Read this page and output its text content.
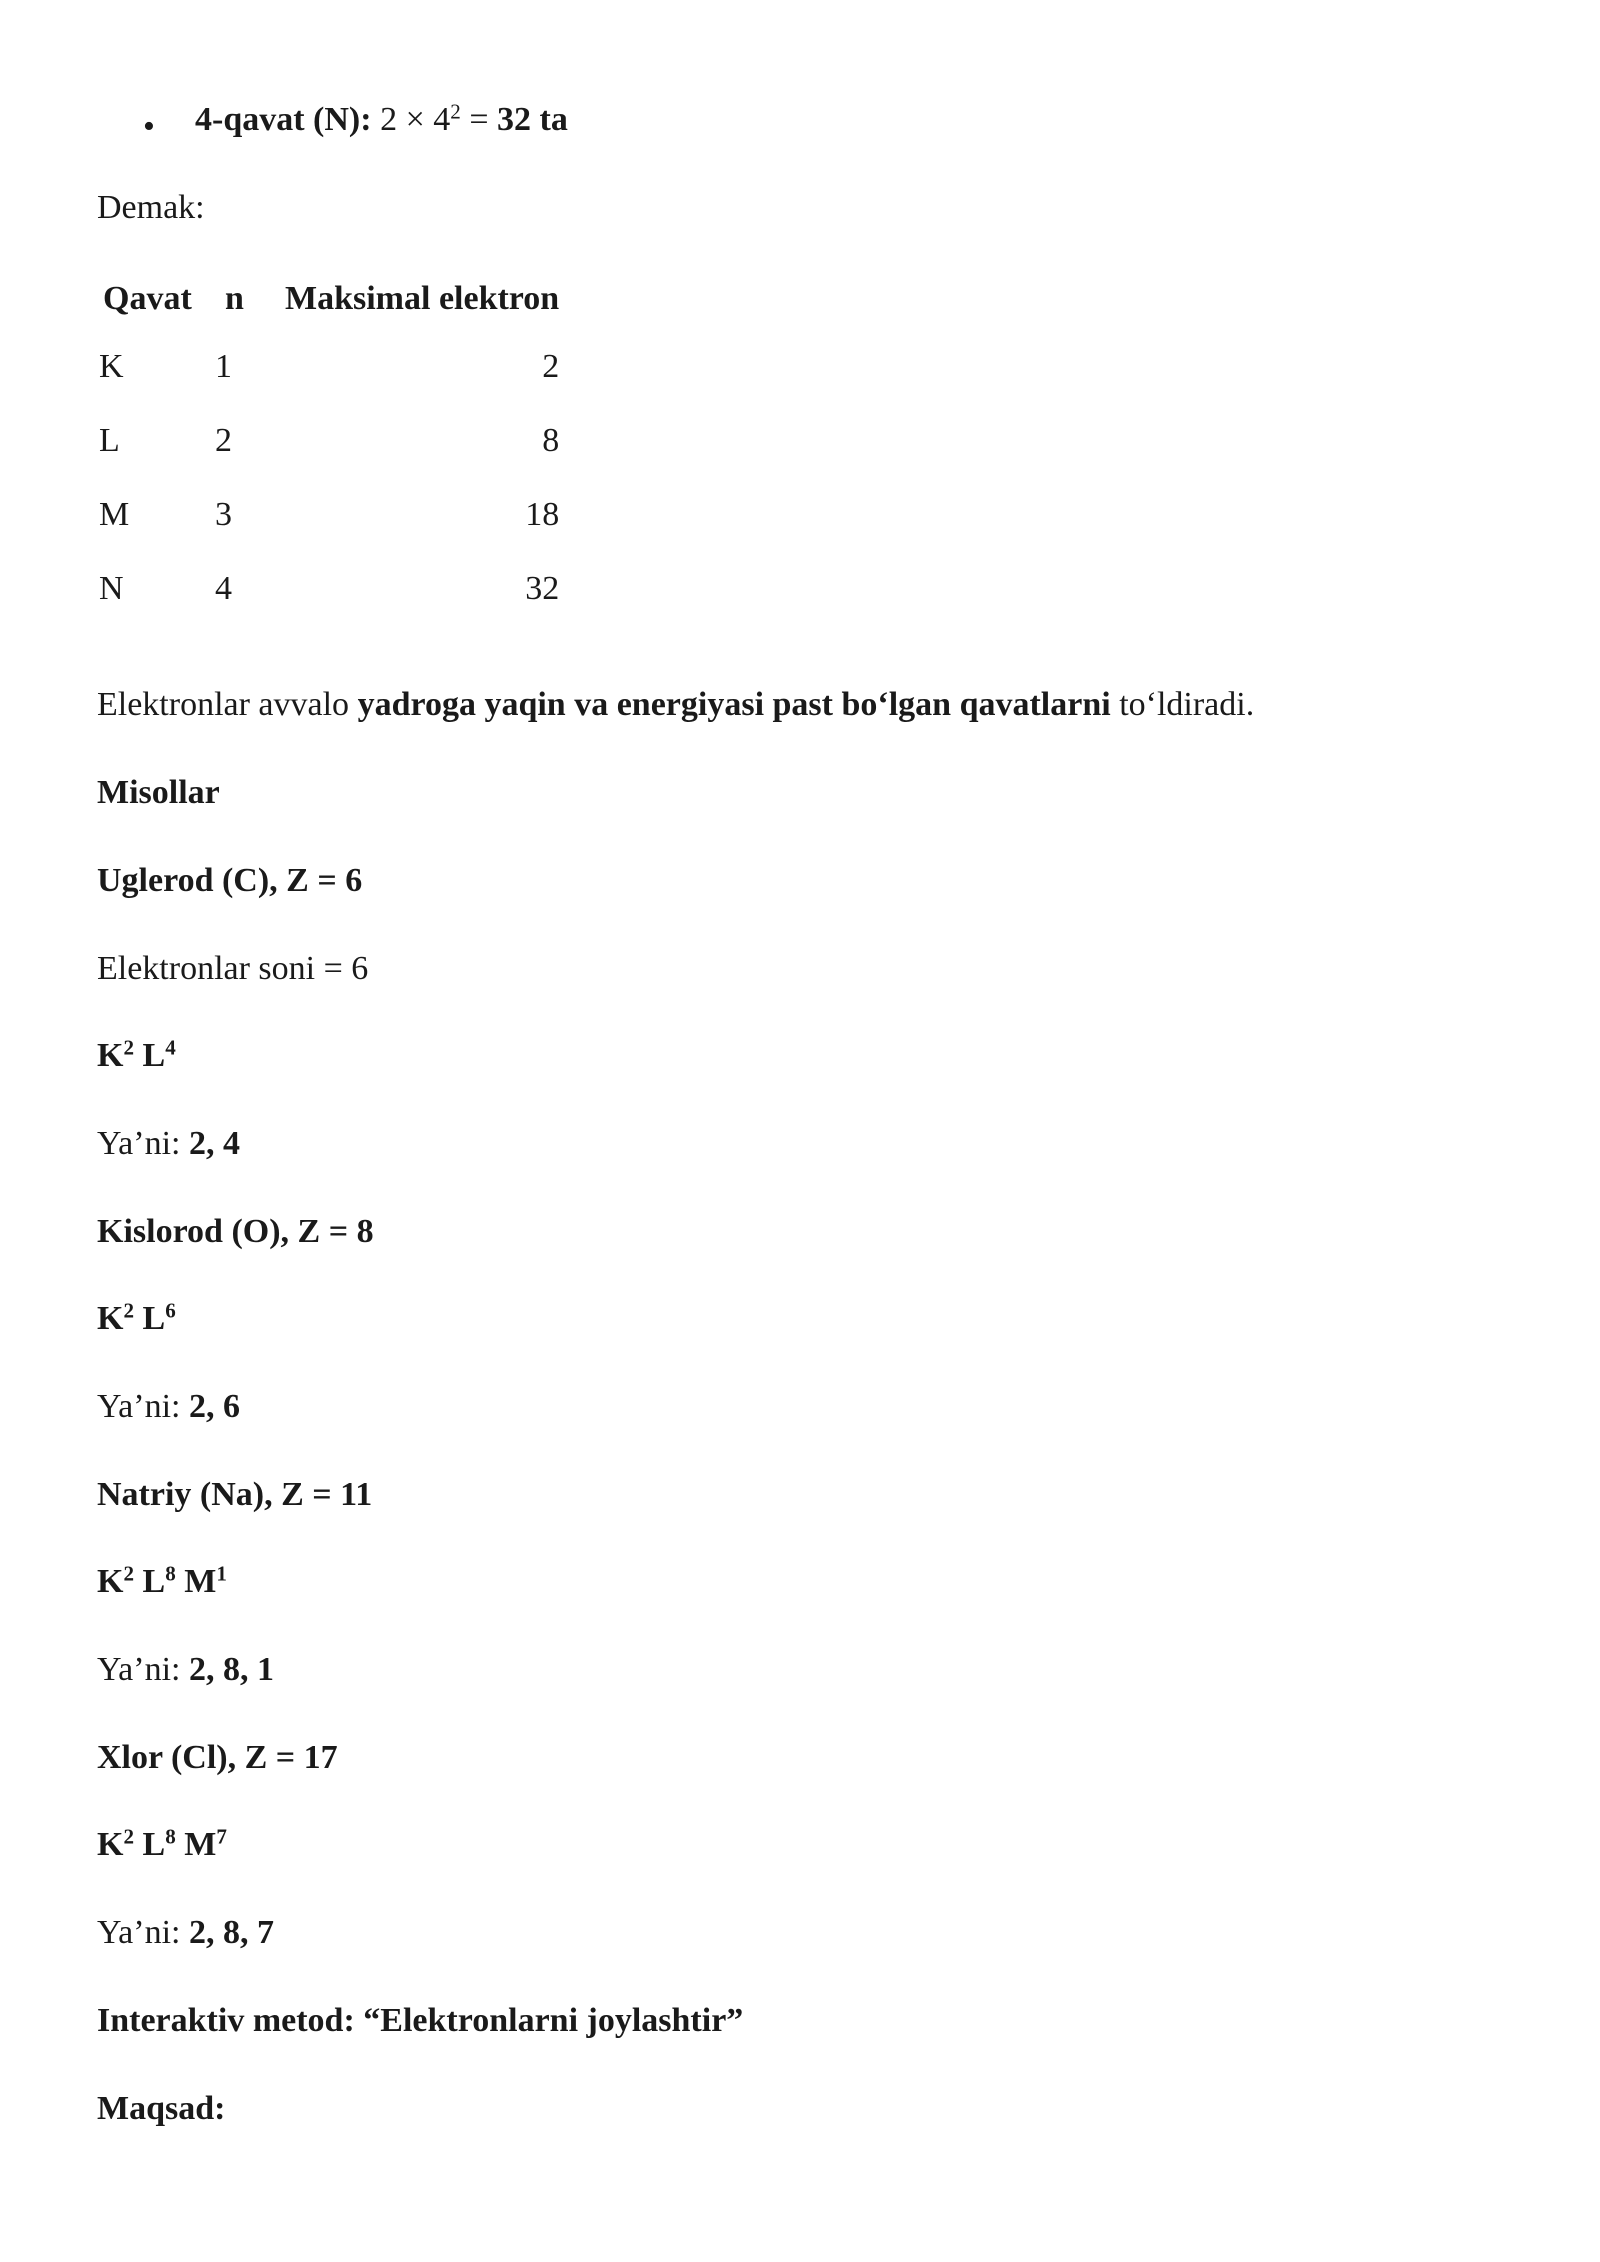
• 4-qavat (N): $2 \times 4^2 = 32$ ta
Demak:
Qavat	n	Maksimal elektron
K	1	2
L	2	8
M	3	18
N	4	32
Elektronlar avvalo yadroga yaqin va energiyasi past bo‘lgan qavatlarni to‘ldiradi.
Misollar
Uglerod (C), Z = 6
Elektronlar soni = 6
$K^2$ $L^4$
Ya’ni: 2, 4
Kislorod (O), Z = 8
$K^2$ $L^6$
Ya’ni: 2, 6
Natriy (Na), Z = 11
$K^2$ $L^8$ $M^1$
Ya’ni: 2, 8, 1
Xlor (Cl), Z = 17
$K^2$ $L^8$ $M^7$
Ya’ni: 2, 8, 7
Interaktiv metod: “Elektronlarni joylashtir”
Maqsad:
